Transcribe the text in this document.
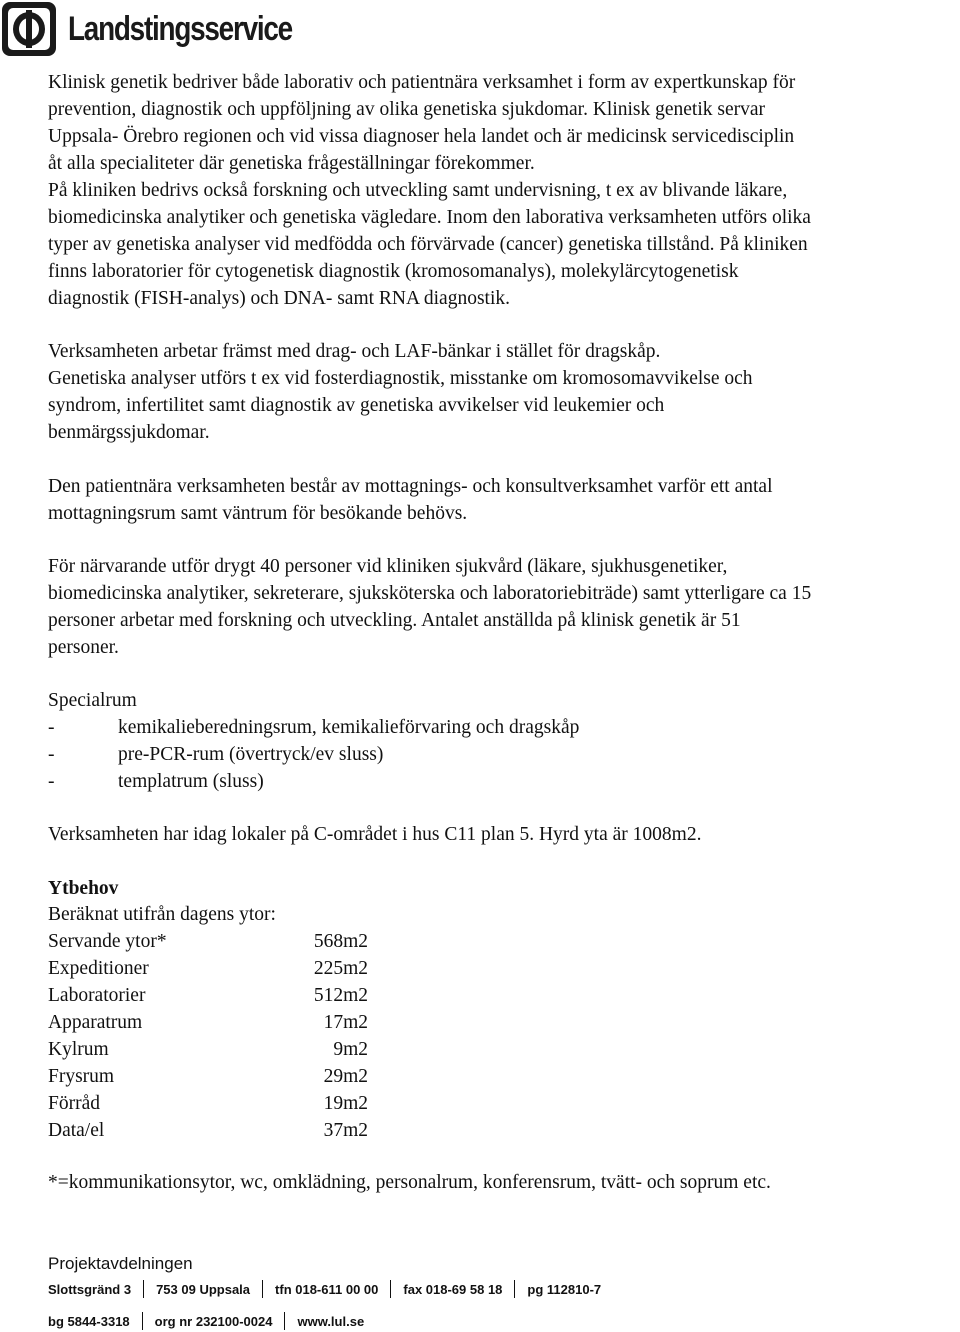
Landstingsservice
Klinisk genetik bedriver både laborativ och patientnära verksamhet i form av expertkunskap för
prevention, diagnostik och uppföljning av olika genetiska sjukdomar. Klinisk genetik servar
Uppsala- Örebro regionen och vid vissa diagnoser hela landet och är medicinsk servicedisciplin
åt alla specialiteter där genetiska frågeställningar förekommer.
På kliniken bedrivs också forskning och utveckling samt undervisning, t ex av blivande läkare,
biomedicinska analytiker och genetiska vägledare. Inom den laborativa verksamheten utförs olika
typer av genetiska analyser vid medfödda och förvärvade (cancer) genetiska tillstånd. På kliniken
finns laboratorier för cytogenetisk diagnostik (kromosomanalys), molekylärcytogenetisk
diagnostik (FISH-analys) och DNA- samt RNA diagnostik.
Verksamheten arbetar främst med drag- och LAF-bänkar i stället för dragskåp.
Genetiska analyser utförs t ex vid fosterdiagnostik, misstanke om kromosomavvikelse och
syndrom, infertilitet samt diagnostik av genetiska avvikelser vid leukemier och
benmärgssjukdomar.
Den patientnära verksamheten består av mottagnings- och konsultverksamhet varför ett antal
mottagningsrum samt väntrum för besökande behövs.
För närvarande utför drygt 40 personer vid kliniken sjukvård (läkare, sjukhusgenetiker,
biomedicinska analytiker, sekreterare, sjuksköterska och laboratoriebiträde) samt ytterligare ca 15
personer arbetar med forskning och utveckling. Antalet anställda på klinisk genetik är 51
personer.
Specialrum
-	kemikalieberedningsrum, kemikalieförvaring och dragskåp
-	pre-PCR-rum (övertryck/ev sluss)
-	templatrum (sluss)
Verksamheten har idag lokaler på C-området i hus C11 plan 5. Hyrd yta är 1008m2.
Ytbehov
Beräknat utifrån dagens ytor:
Servande ytor*	568m2
Expeditioner	225m2
Laboratorier	512m2
Apparatrum	17m2
Kylrum	9m2
Frysrum	29m2
Förråd	19m2
Data/el	37m2
*=kommunikationsytor, wc, omklädning, personalrum, konferensrum, tvätt- och soprum etc.
Projektavdelningen
Slottsgränd 3 753 09 Uppsala tfn 018-611 00 00 fax 018-69 58 18 pg 112810-7
bg 5844-3318 org nr 232100-0024 www.lul.se
